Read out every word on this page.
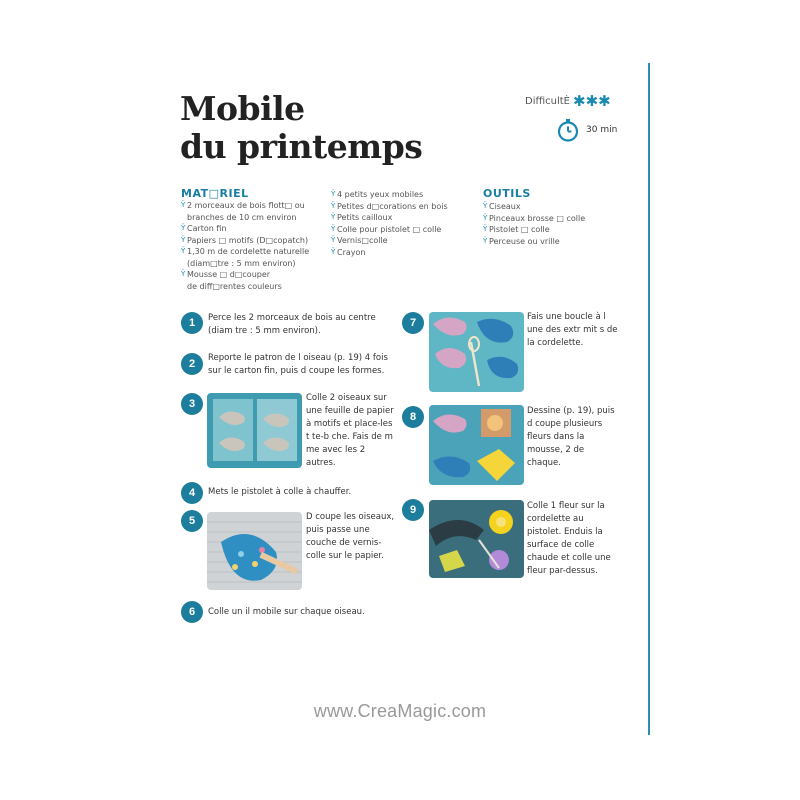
Mobile
du printemps
DifficultÈ ✱✱✱
30 min
MAT□RIEL
Ÿ 2 morceaux de bois flott□ ou
branches de 10 cm environ
Ÿ Carton fin
Ÿ Papiers □ motifs (D□copatch)
Ÿ 1,30 m de cordelette naturelle
(diam□tre : 5 mm environ)
Ÿ Mousse □ d□couper
de diff□rentes couleurs
Ÿ 4 petits yeux mobiles
Ÿ Petites d□corations en bois
Ÿ Petits cailloux
Ÿ Colle pour pistolet □ colle
Ÿ Vernis□colle
Ÿ Crayon
OUTILS
Ÿ Ciseaux
Ÿ Pinceaux brosse □ colle
Ÿ Pistolet □ colle
Ÿ Perceuse ou vrille
1	Perce les 2 morceaux de bois au centre (diam tre : 5 mm environ).
2	Reporte le patron de l oiseau (p. 19) 4 fois sur le carton fin, puis d coupe les formes.
3	Colle 2 oiseaux sur une feuille de papier à motifs et place-les t te-b che. Fais de m me avec les 2 autres.
4	Mets le pistolet à colle à chauffer.
5	D coupe les oiseaux, puis passe une couche de vernis-colle sur le papier.
6	Colle un il mobile sur chaque oiseau.
7	Fais une boucle à l une des extr mit s de la cordelette.
8	Dessine (p. 19), puis d coupe plusieurs fleurs dans la mousse, 2 de chaque.
9	Colle 1 fleur sur la cordelette au pistolet. Enduis la surface de colle chaude et colle une fleur par-dessus.
www.CreaMagic.com
